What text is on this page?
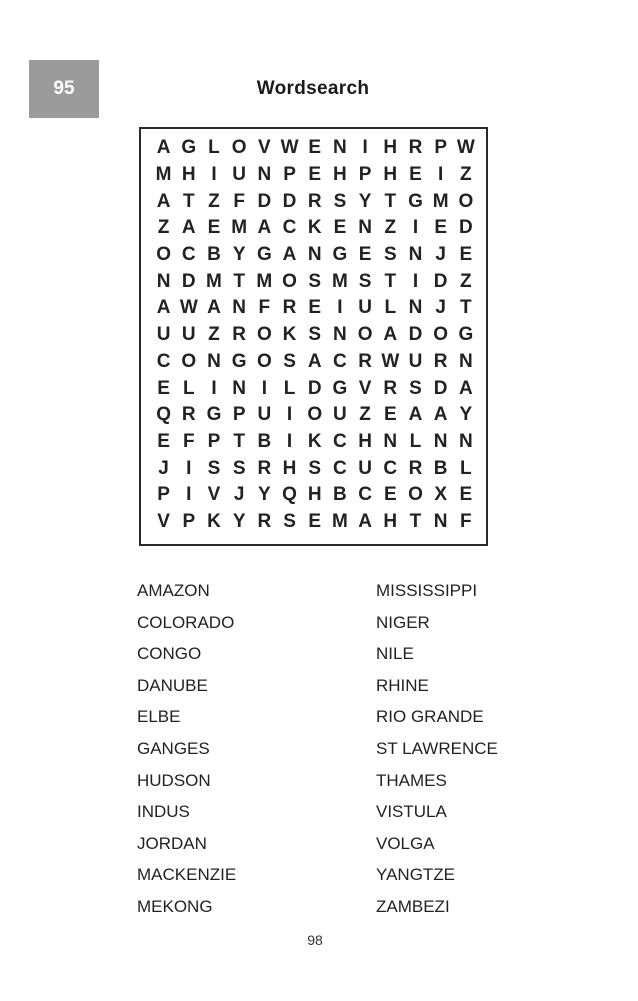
95	Wordsearch
A G L O V W E N I H R P W
M H I U N P E H P H E I Z
A T Z F D D R S Y T G M O
Z A E M A C K E N Z I E D
O C B Y G A N G E S N J E
N D M T M O S M S T I D Z
A W A N F R E I U L N J T
U U Z R O K S N O A D O G
C O N G O S A C R W U R N
E L I N I L D G V R S D A
Q R G P U I O U Z E A A Y
E F P T B I K C H N L N N
J I S S R H S C U C R B L
P I V J Y Q H B C E O X E
V P K Y R S E M A H T N F
AMAZON
COLORADO
CONGO
DANUBE
ELBE
GANGES
HUDSON
INDUS
JORDAN
MACKENZIE
MEKONG
MISSISSIPPI
NIGER
NILE
RHINE
RIO GRANDE
ST LAWRENCE
THAMES
VISTULA
VOLGA
YANGTZE
ZAMBEZI
98
